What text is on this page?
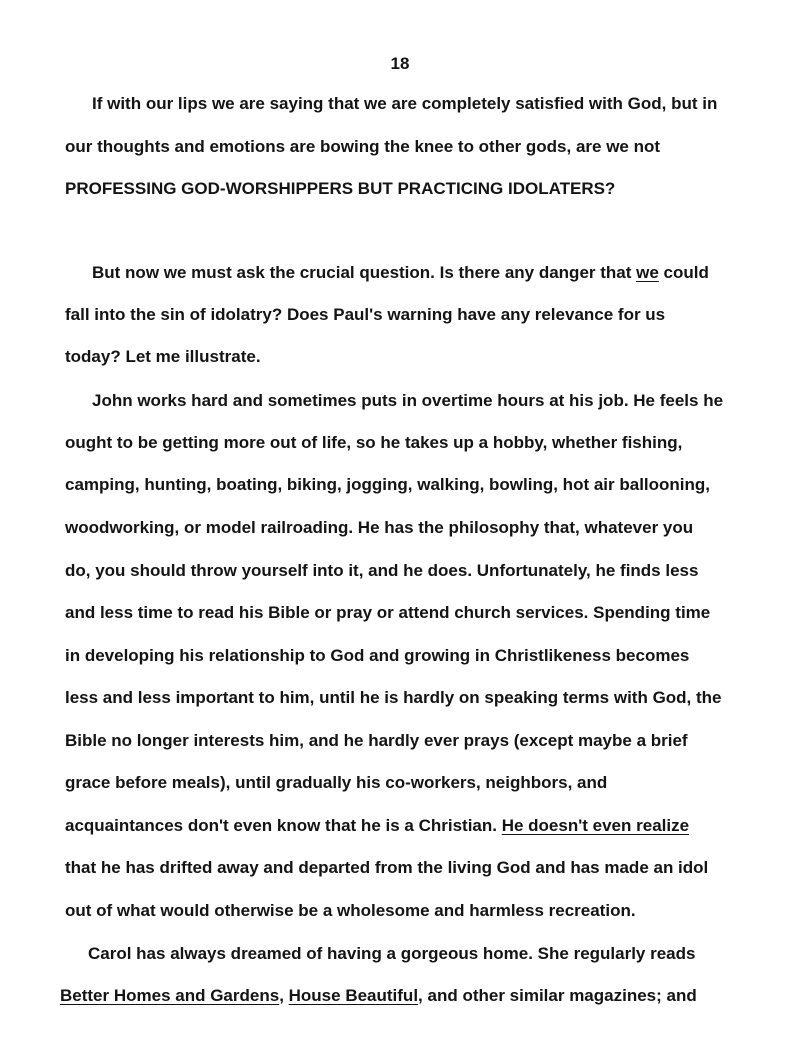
18
If with our lips we are saying that we are completely satisfied with God, but in
our thoughts and emotions are bowing the knee to other gods, are we not
PROFESSING GOD-WORSHIPPERS BUT PRACTICING IDOLATERS?
But now we must ask the crucial question. Is there any danger that we could
fall into the sin of idolatry? Does Paul's warning have any relevance for us
today? Let me illustrate.
John works hard and sometimes puts in overtime hours at his job. He feels he
ought to be getting more out of life, so he takes up a hobby, whether fishing,
camping, hunting, boating, biking, jogging, walking, bowling, hot air ballooning,
woodworking, or model railroading. He has the philosophy that, whatever you
do, you should throw yourself into it, and he does. Unfortunately, he finds less
and less time to read his Bible or pray or attend church services. Spending time
in developing his relationship to God and growing in Christlikeness becomes
less and less important to him, until he is hardly on speaking terms with God, the
Bible no longer interests him, and he hardly ever prays (except maybe a brief
grace before meals), until gradually his co-workers, neighbors, and
acquaintances don't even know that he is a Christian. He doesn't even realize
that he has drifted away and departed from the living God and has made an idol
out of what would otherwise be a wholesome and harmless recreation.
Carol has always dreamed of having a gorgeous home. She regularly reads
Better Homes and Gardens, House Beautiful, and other similar magazines; and
